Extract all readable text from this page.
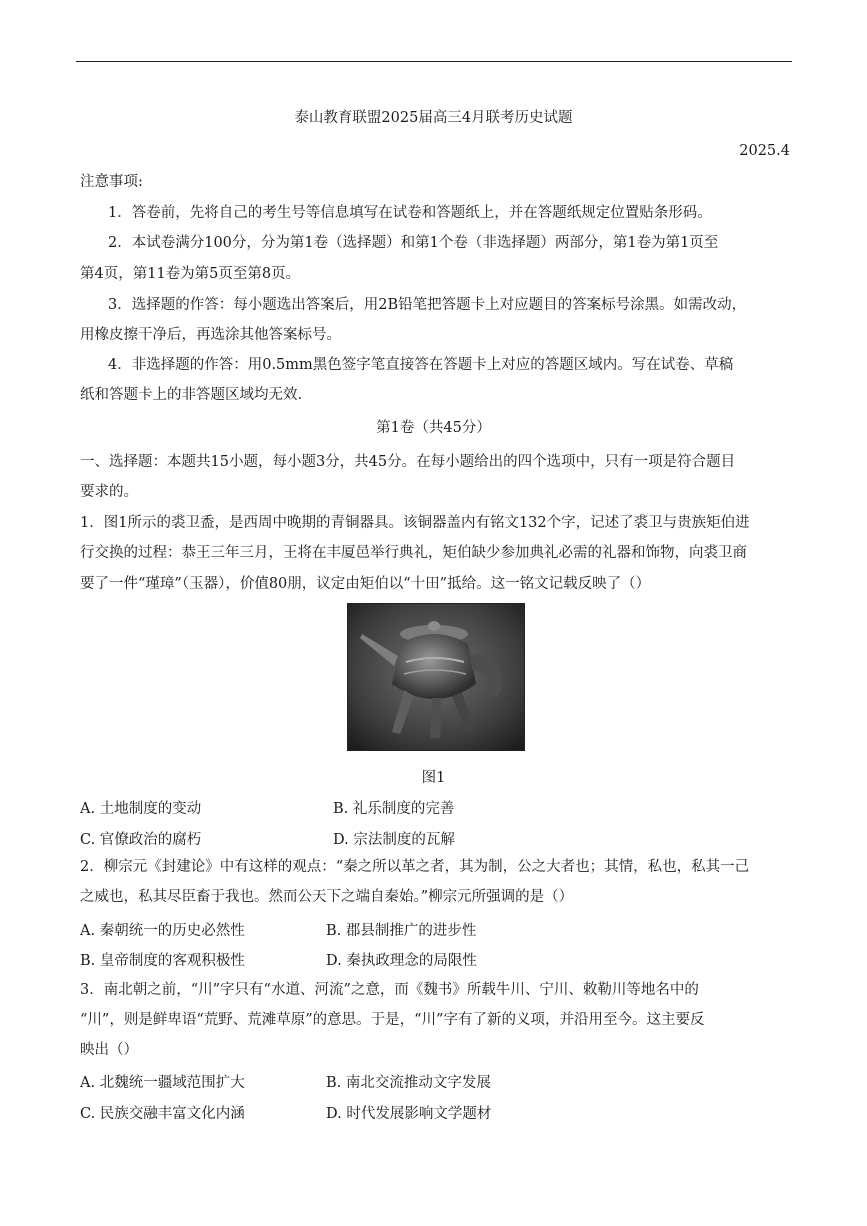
泰山教育联盟2025届高三4月联考历史试题
2025.4
注意事项:
1．答卷前，先将自己的考生号等信息填写在试卷和答题纸上，并在答题纸规定位置贴条形码。
2．本试卷满分100分，分为第1卷（选择题）和第1个卷（非选择题）两部分，第1卷为第1页至
第4页，第11卷为第5页至第8页。
3．选择题的作答：每小题选出答案后，用2B铅笔把答题卡上对应题目的答案标号涂黑。如需改动，
用橡皮擦干净后，再选涂其他答案标号。
4．非选择题的作答：用0.5mm黑色签字笔直接答在答题卡上对应的答题区域内。写在试卷、草稿
纸和答题卡上的非答题区域均无效.
第1卷（共45分）
一、选择题：本题共15小题，每小题3分，共45分。在每小题给出的四个选项中，只有一项是符合题目
要求的。
1．图1所示的裘卫盉，是西周中晚期的青铜器具。该铜器盖内有铭文132个字，记述了裘卫与贵族矩伯进
行交换的过程：恭王三年三月，王将在丰厦邑举行典礼，矩伯缺少参加典礼必需的礼器和饰物，向裘卫商
要了一件“瑾璋”（玉器），价值80朋，议定由矩伯以“十田”抵给。这一铭文记载反映了（）
图1
A. 土地制度的变动	B. 礼乐制度的完善
C. 官僚政治的腐朽	D. 宗法制度的瓦解
2．柳宗元《封建论》中有这样的观点：“秦之所以革之者，其为制，公之大者也；其情，私也，私其一己
之威也，私其尽臣畜于我也。然而公天下之端自秦始。”柳宗元所强调的是（）
A. 秦朝统一的历史必然性	B. 郡县制推广的进步性
B. 皇帝制度的客观积极性	D. 秦执政理念的局限性
3．南北朝之前，“川”字只有“水道、河流”之意，而《魏书》所载牛川、宁川、敕勒川等地名中的
“川”，则是鲜卑语“荒野、荒滩草原”的意思。于是，“川”字有了新的义项，并沿用至今。这主要反
映出（）
A. 北魏统一疆域范围扩大	B. 南北交流推动文字发展
C. 民族交融丰富文化内涵	D. 时代发展影响文学题材
